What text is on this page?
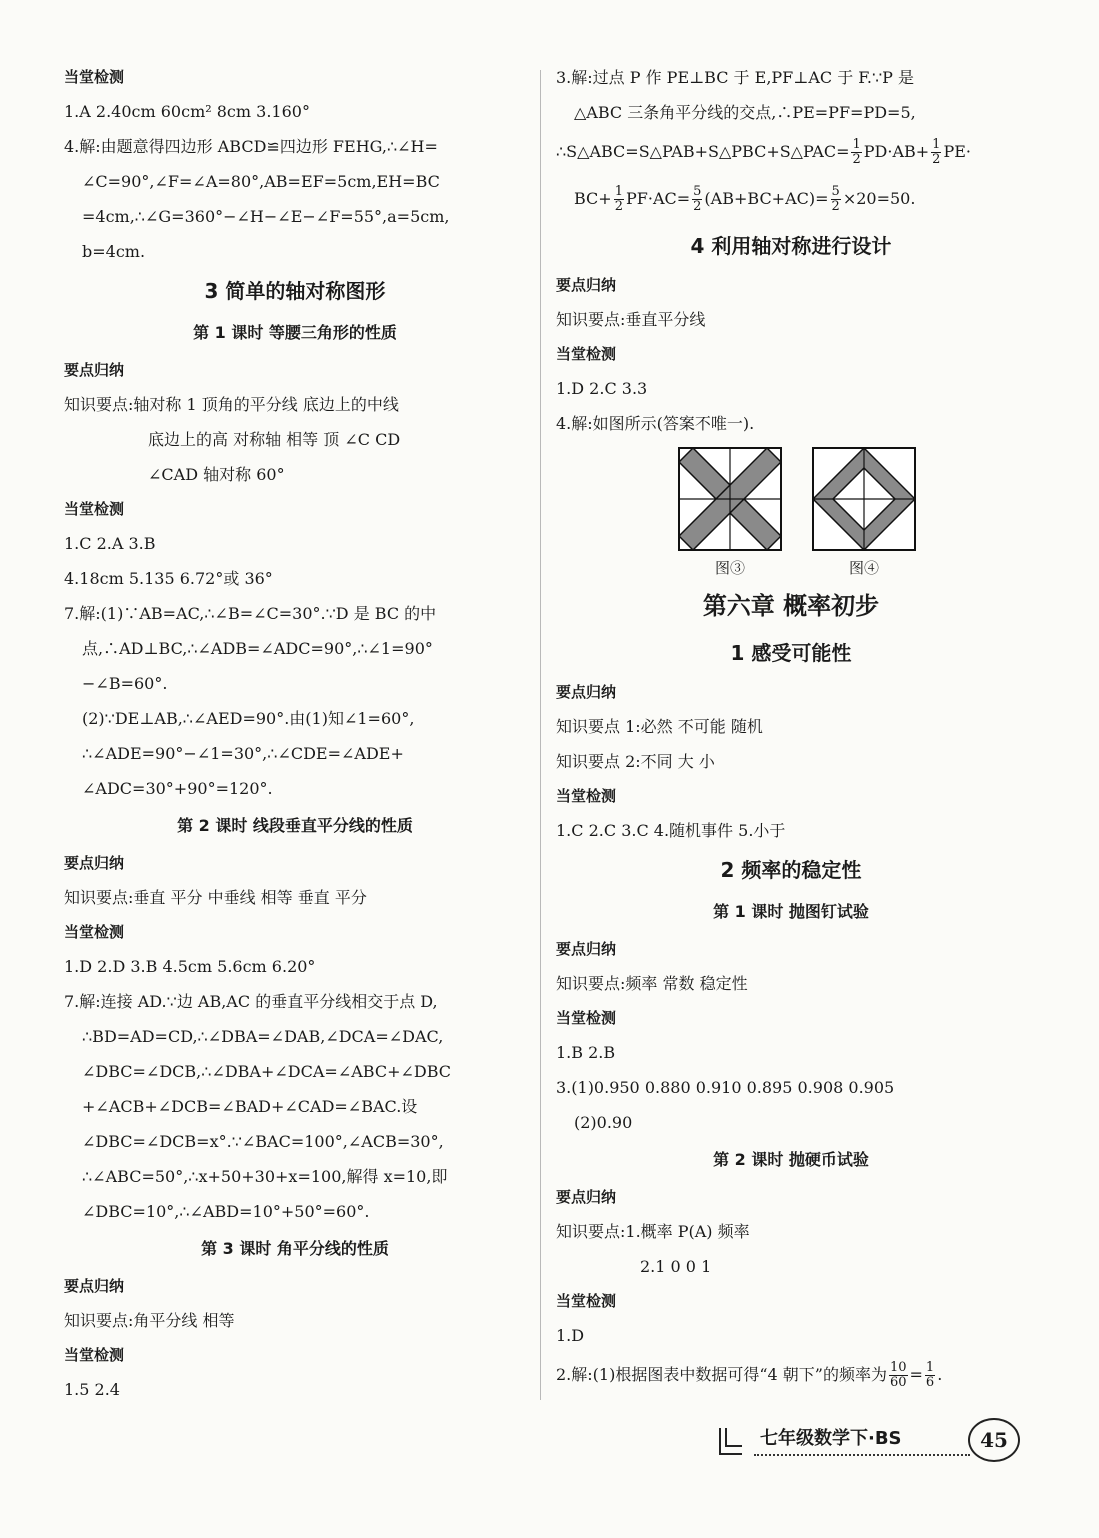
当堂检测
1.A 2.40cm 60cm² 8cm 3.160°
4.解:由题意得四边形 ABCD≌四边形 FEHG,∴∠H=
∠C=90°,∠F=∠A=80°,AB=EF=5cm,EH=BC
=4cm,∴∠G=360°−∠H−∠E−∠F=55°,a=5cm,
b=4cm.
3 简单的轴对称图形
第 1 课时 等腰三角形的性质
要点归纳
知识要点:轴对称 1 顶角的平分线 底边上的中线
底边上的高 对称轴 相等 顶 ∠C CD
∠CAD 轴对称 60°
当堂检测
1.C 2.A 3.B
4.18cm 5.135 6.72°或 36°
7.解:(1)∵AB=AC,∴∠B=∠C=30°.∵D 是 BC 的中
点,∴AD⊥BC,∴∠ADB=∠ADC=90°,∴∠1=90°
−∠B=60°.
(2)∵DE⊥AB,∴∠AED=90°.由(1)知∠1=60°,
∴∠ADE=90°−∠1=30°,∴∠CDE=∠ADE+
∠ADC=30°+90°=120°.
第 2 课时 线段垂直平分线的性质
要点归纳
知识要点:垂直 平分 中垂线 相等 垂直 平分
当堂检测
1.D 2.D 3.B 4.5cm 5.6cm 6.20°
7.解:连接 AD.∵边 AB,AC 的垂直平分线相交于点 D,
∴BD=AD=CD,∴∠DBA=∠DAB,∠DCA=∠DAC,
∠DBC=∠DCB,∴∠DBA+∠DCA=∠ABC+∠DBC
+∠ACB+∠DCB=∠BAD+∠CAD=∠BAC.设
∠DBC=∠DCB=x°.∵∠BAC=100°,∠ACB=30°,
∴∠ABC=50°,∴x+50+30+x=100,解得 x=10,即
∠DBC=10°,∴∠ABD=10°+50°=60°.
第 3 课时 角平分线的性质
要点归纳
知识要点:角平分线 相等
当堂检测
1.5 2.4
3.解:过点 P 作 PE⊥BC 于 E,PF⊥AC 于 F.∵P 是
△ABC 三条角平分线的交点,∴PE=PF=PD=5,
∴S△ABC=S△PAB+S△PBC+S△PAC= $\frac{1}{2} PD\cdot AB+ \frac{1}{2} PE\cdot$
$BC+ \frac{1}{2} PF\cdot AC= \frac{5}{2} (AB+BC+AC)= \frac{5}{2} \times 20=50$.
4 利用轴对称进行设计
要点归纳
知识要点:垂直平分线
当堂检测
1.D 2.C 3.3
4.解:如图所示(答案不唯一).
图③	图④
第六章 概率初步
1 感受可能性
要点归纳
知识要点 1:必然 不可能 随机
知识要点 2:不同 大 小
当堂检测
1.C 2.C 3.C 4.随机事件 5.小于
2 频率的稳定性
第 1 课时 抛图钉试验
要点归纳
知识要点:频率 常数 稳定性
当堂检测
1.B 2.B
3.(1)0.950 0.880 0.910 0.895 0.908 0.905
(2)0.90
第 2 课时 抛硬币试验
要点归纳
知识要点:1.概率 P(A) 频率
2.1 0 0 1
当堂检测
1.D
2.解:(1)根据图表中数据可得“4 朝下”的频率为 $\frac{10}{60} = \frac{1}{6}$ .
七年级数学下·BS	45
